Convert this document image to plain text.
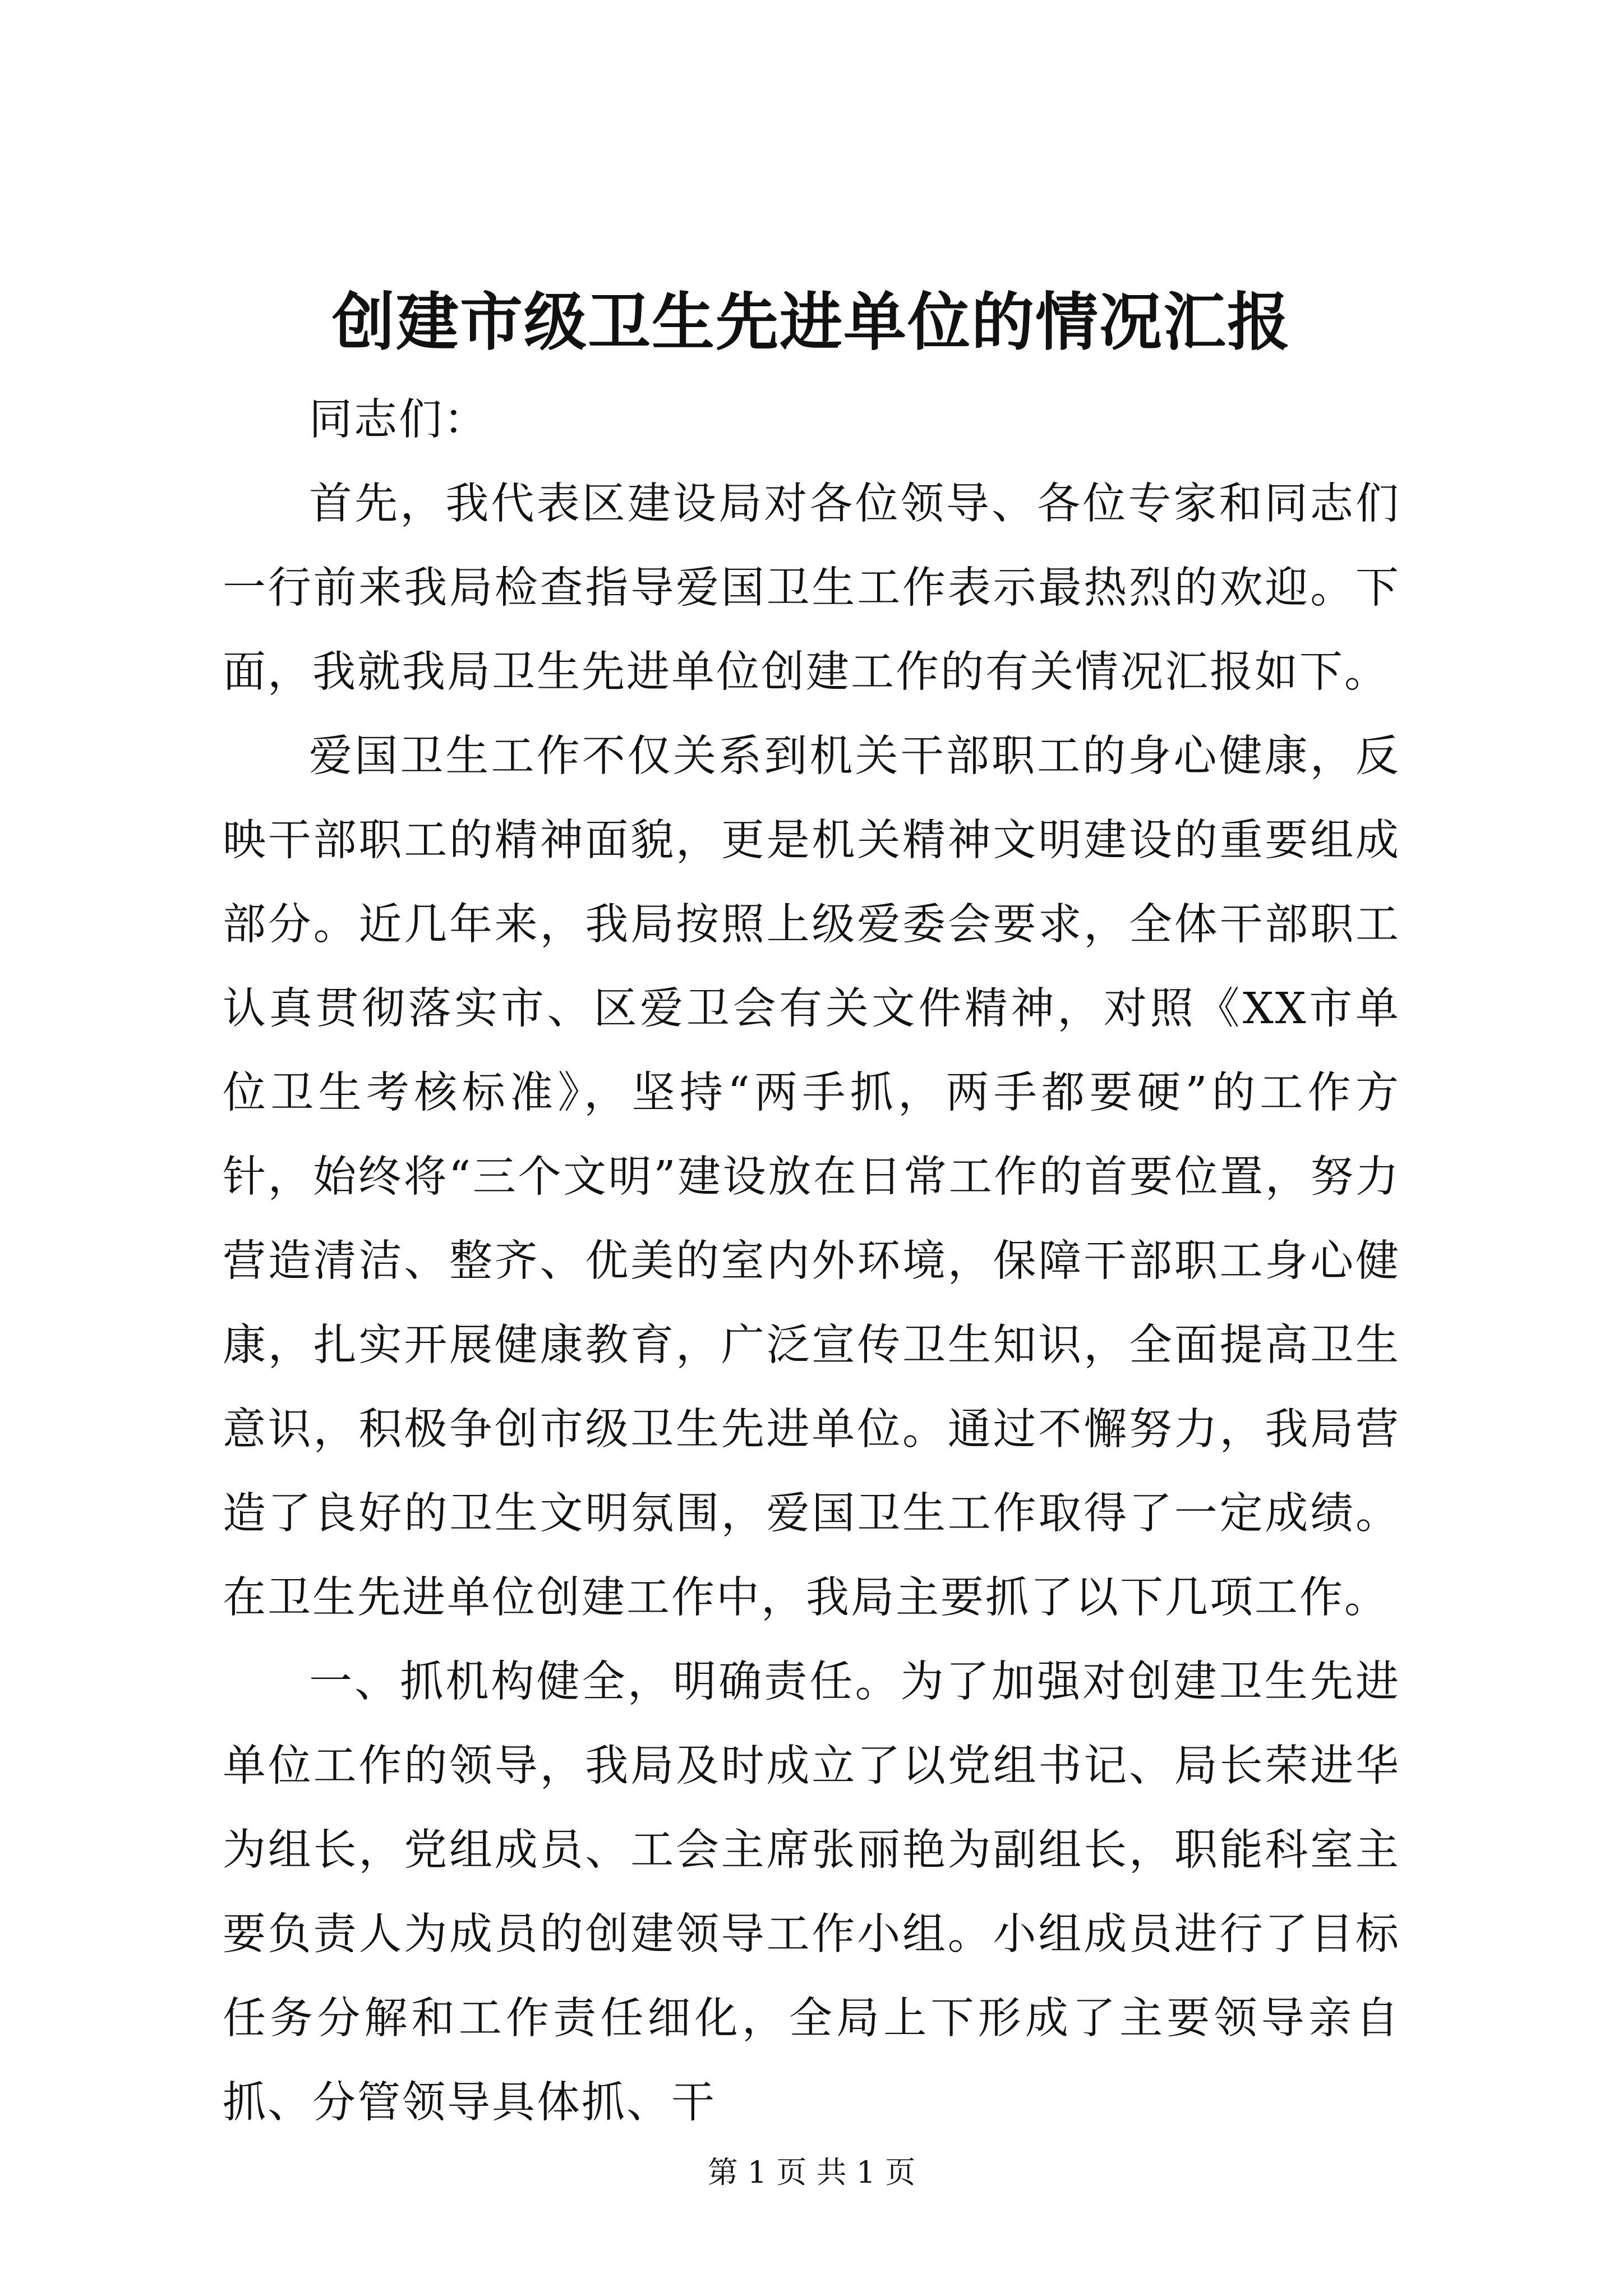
创建市级卫生先进单位的情况汇报

同志们：

首先，我代表区建设局对各位领导、各位专家和同志们一行前来我局检查指导爱国卫生工作表示最热烈的欢迎。下面，我就我局卫生先进单位创建工作的有关情况汇报如下。

爱国卫生工作不仅关系到机关干部职工的身心健康，反映干部职工的精神面貌，更是机关精神文明建设的重要组成部分。近几年来，我局按照上级爱委会要求，全体干部职工认真贯彻落实市、区爱卫会有关文件精神，对照《XX市单位卫生考核标准》，坚持“两手抓，两手都要硬”的工作方针，始终将“三个文明”建设放在日常工作的首要位置，努力营造清洁、整齐、优美的室内外环境，保障干部职工身心健康，扎实开展健康教育，广泛宣传卫生知识，全面提高卫生意识，积极争创市级卫生先进单位。通过不懈努力，我局营造了良好的卫生文明氛围，爱国卫生工作取得了一定成绩。在卫生先进单位创建工作中，我局主要抓了以下几项工作。

一、抓机构健全，明确责任。为了加强对创建卫生先进单位工作的领导，我局及时成立了以党组书记、局长荣进华为组长，党组成员、工会主席张丽艳为副组长，职能科室主要负责人为成员的创建领导工作小组。小组成员进行了目标任务分解和工作责任细化，全局上下形成了主要领导亲自抓、分管领导具体抓、干

第 1 页 共 1 页
